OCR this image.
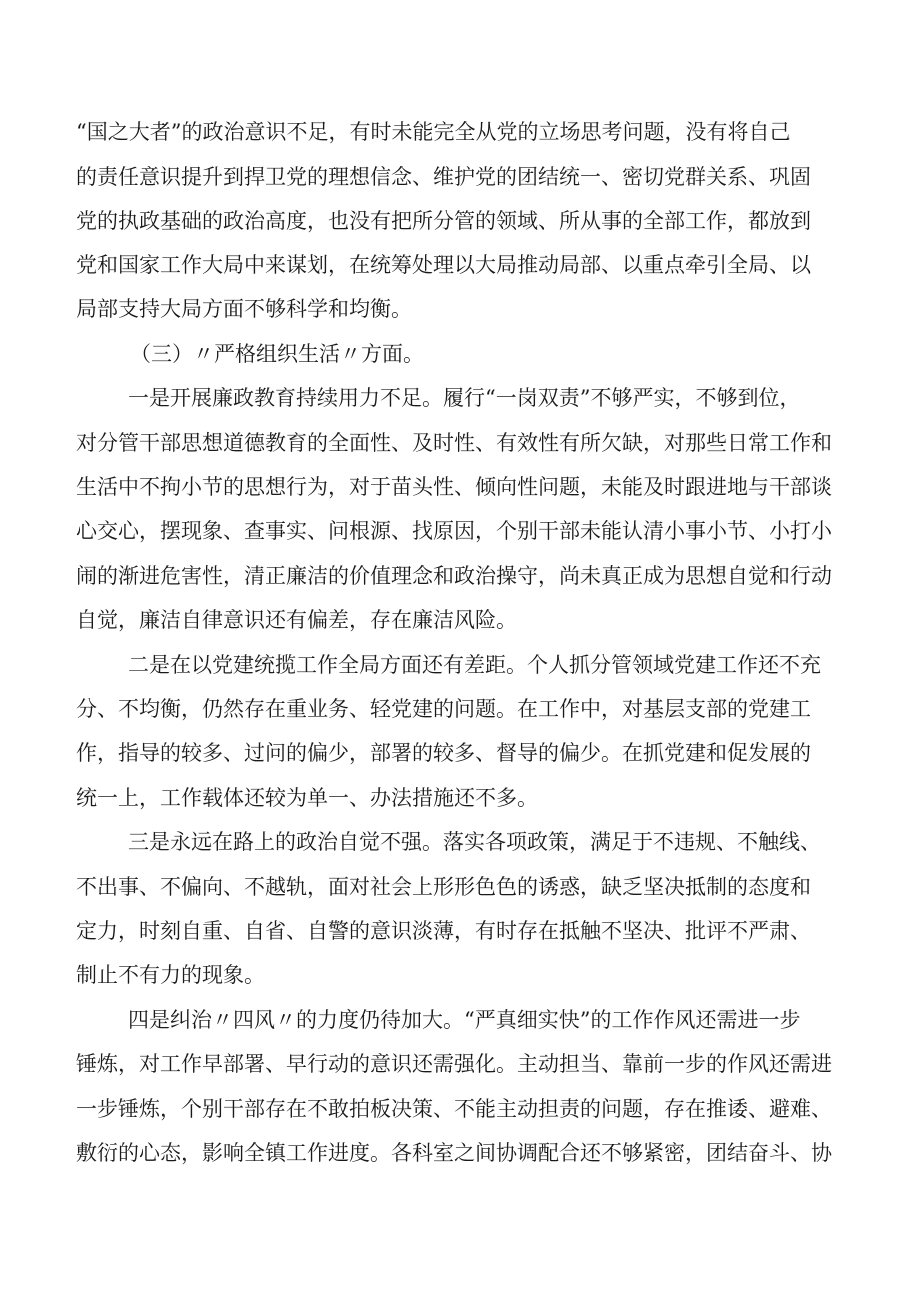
“国之大者”的政治意识不足，有时未能完全从党的立场思考问题，没有将自己
的责任意识提升到捍卫党的理想信念、维护党的团结统一、密切党群关系、巩固
党的执政基础的政治高度，也没有把所分管的领域、所从事的全部工作，都放到
党和国家工作大局中来谋划，在统筹处理以大局推动局部、以重点牵引全局、以
局部支持大局方面不够科学和均衡。
（三）〃严格组织生活〃方面。
一是开展廉政教育持续用力不足。履行“一岗双责”不够严实，不够到位，
对分管干部思想道德教育的全面性、及时性、有效性有所欠缺，对那些日常工作和
生活中不拘小节的思想行为，对于苗头性、倾向性问题，未能及时跟进地与干部谈
心交心，摆现象、查事实、问根源、找原因，个别干部未能认清小事小节、小打小
闹的渐进危害性，清正廉洁的价值理念和政治操守，尚未真正成为思想自觉和行动
自觉，廉洁自律意识还有偏差，存在廉洁风险。
二是在以党建统揽工作全局方面还有差距。个人抓分管领域党建工作还不充
分、不均衡，仍然存在重业务、轻党建的问题。在工作中，对基层支部的党建工
作，指导的较多、过问的偏少，部署的较多、督导的偏少。在抓党建和促发展的
统一上，工作载体还较为单一、办法措施还不多。
三是永远在路上的政治自觉不强。落实各项政策，满足于不违规、不触线、
不出事、不偏向、不越轨，面对社会上形形色色的诱惑，缺乏坚决抵制的态度和
定力，时刻自重、自省、自警的意识淡薄，有时存在抵触不坚决、批评不严肃、
制止不有力的现象。
四是纠治〃四风〃的力度仍待加大。“严真细实快”的工作作风还需进一步
锤炼，对工作早部署、早行动的意识还需强化。主动担当、靠前一步的作风还需进
一步锤炼，个别干部存在不敢拍板决策、不能主动担责的问题，存在推诿、避难、
敷衍的心态，影响全镇工作进度。各科室之间协调配合还不够紧密，团结奋斗、协
